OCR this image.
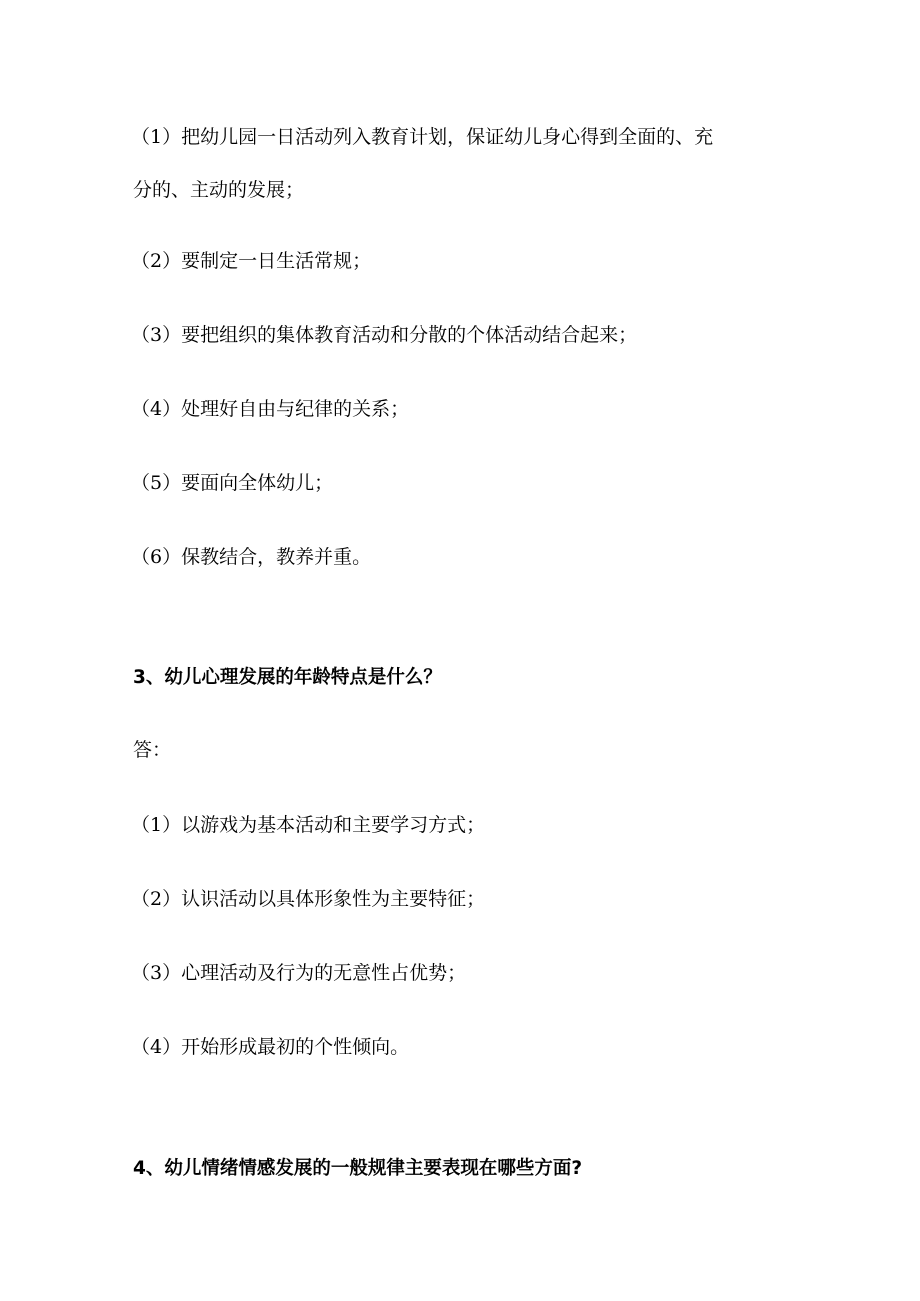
（1）把幼儿园一日活动列入教育计划，保证幼儿身心得到全面的、充
分的、主动的发展；
（2）要制定一日生活常规；
（3）要把组织的集体教育活动和分散的个体活动结合起来；
（4）处理好自由与纪律的关系；
（5）要面向全体幼儿；
（6）保教结合，教养并重。
3、幼儿心理发展的年龄特点是什么？
答：
（1）以游戏为基本活动和主要学习方式；
（2）认识活动以具体形象性为主要特征；
（3）心理活动及行为的无意性占优势；
（4）开始形成最初的个性倾向。
4、幼儿情绪情感发展的一般规律主要表现在哪些方面?
